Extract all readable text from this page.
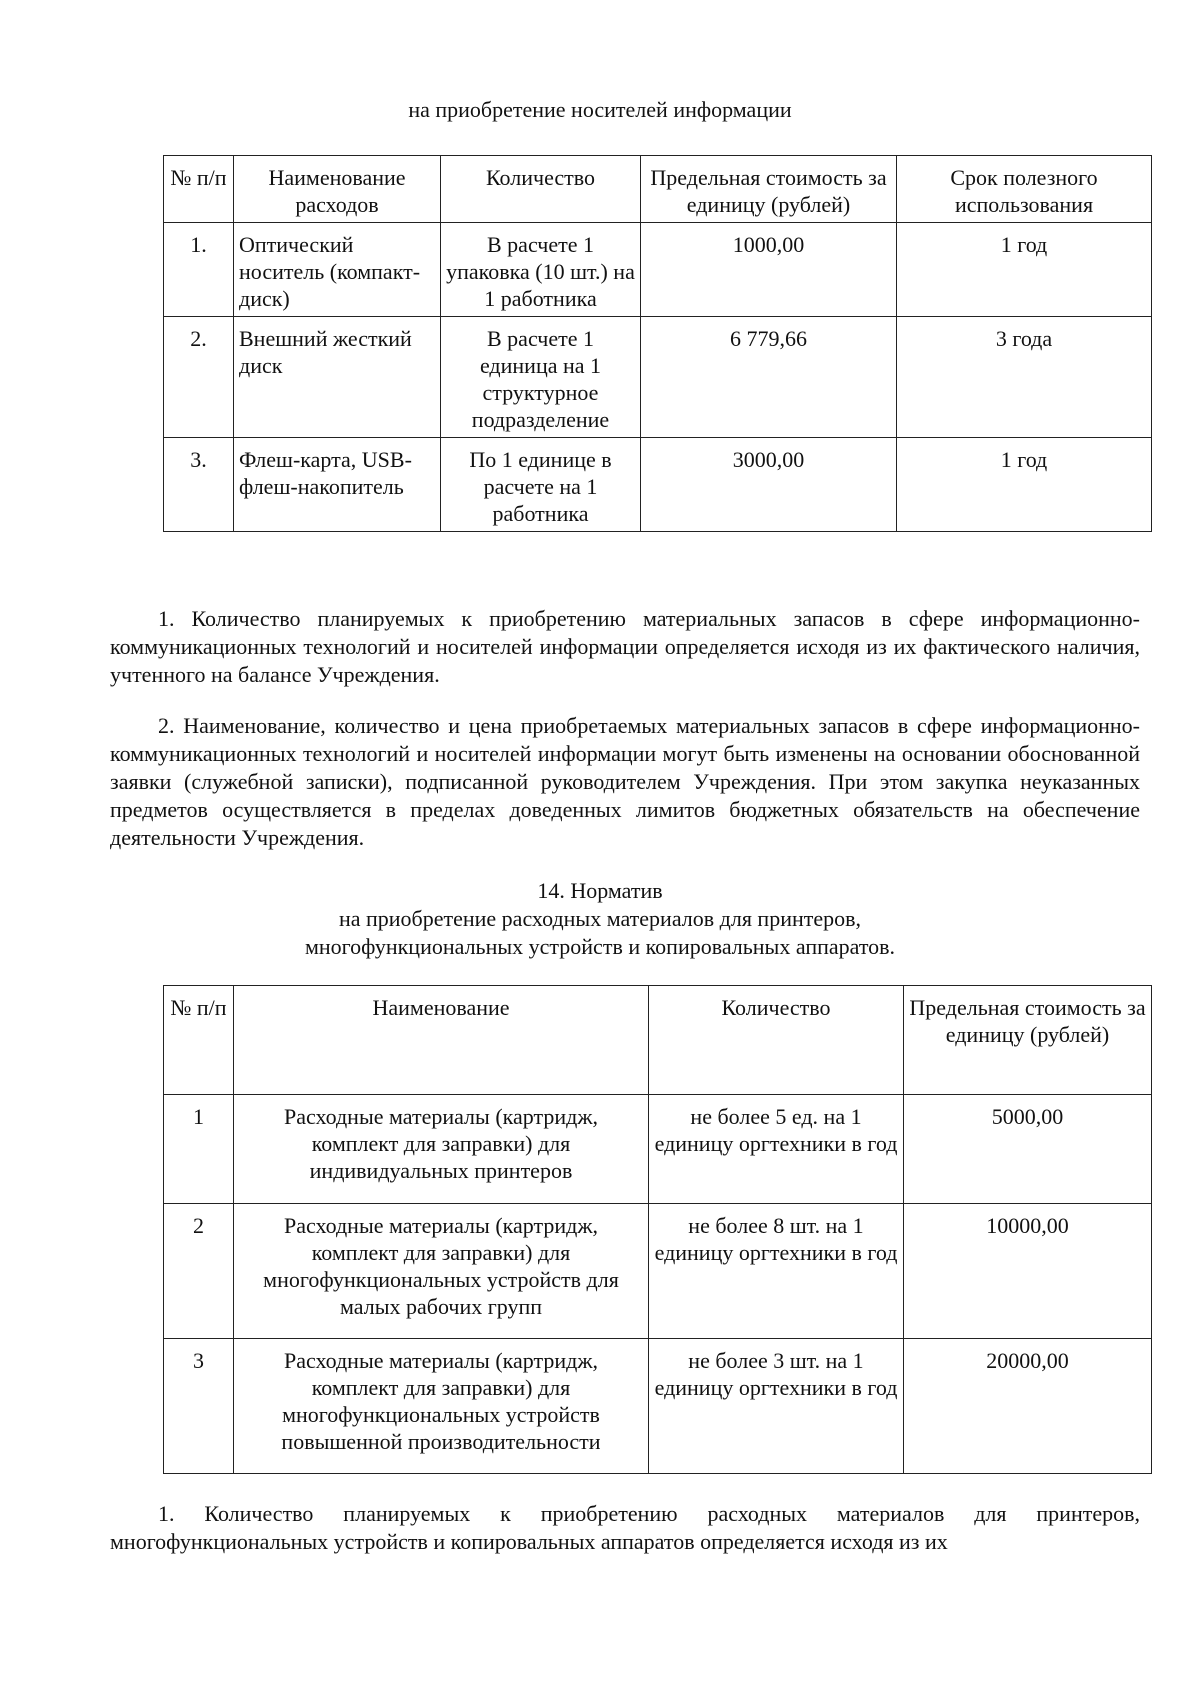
на приобретение носителей информации
№ п/п	Наименование расходов	Количество	Предельная стоимость за единицу (рублей)	Срок полезного использования
1.	Оптический носитель (компакт-диск)	В расчете 1 упаковка (10 шт.) на 1 работника	1000,00	1 год
2.	Внешний жесткий диск	В расчете 1 единица на 1 структурное подразделение	6 779,66	3 года
3.	Флеш-карта, USB-флеш-накопитель	По 1 единице в расчете на 1 работника	3000,00	1 год
1. Количество планируемых к приобретению материальных запасов в сфере информационно-коммуникационных технологий и носителей информации определяется исходя из их фактического наличия, учтенного на балансе Учреждения.
2. Наименование, количество и цена приобретаемых материальных запасов в сфере информационно-коммуникационных технологий и носителей информации могут быть изменены на основании обоснованной заявки (служебной записки), подписанной руководителем Учреждения. При этом закупка неуказанных предметов осуществляется в пределах доведенных лимитов бюджетных обязательств на обеспечение деятельности Учреждения.
14. Норматив
на приобретение расходных материалов для принтеров,
многофункциональных устройств и копировальных аппаратов.
№ п/п	Наименование	Количество	Предельная стоимость за единицу (рублей)
1	Расходные материалы (картридж, комплект для заправки) для индивидуальных принтеров	не более 5 ед. на 1 единицу оргтехники в год	5000,00
2	Расходные материалы (картридж, комплект для заправки) для многофункциональных устройств для малых рабочих групп	не более 8 шт. на 1 единицу оргтехники в год	10000,00
3	Расходные материалы (картридж, комплект для заправки) для многофункциональных устройств повышенной производительности	не более 3 шт. на 1 единицу оргтехники в год	20000,00
1. Количество планируемых к приобретению расходных материалов для принтеров, многофункциональных устройств и копировальных аппаратов определяется исходя из их
